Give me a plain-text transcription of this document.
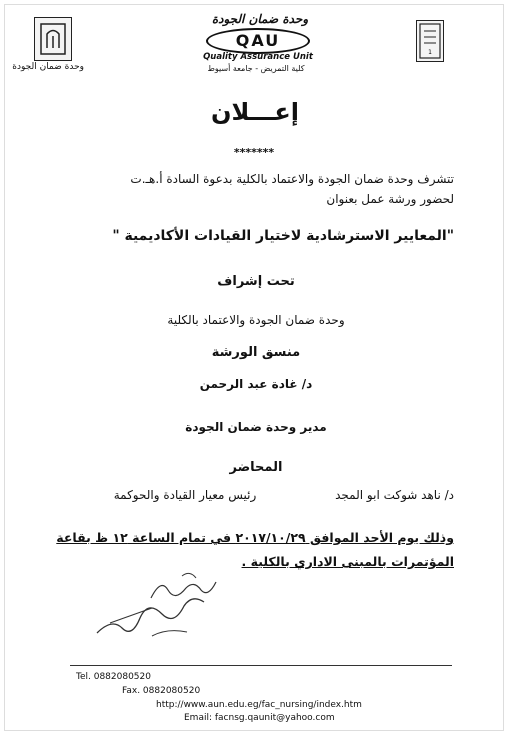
وحدة ضمان الجودة
1
وحدة ضمان الجودة
QAU
Quality Assurance Unit
كلية التمريض - جامعة أسيوط
إعـــلان
*******
تتشرف وحدة ضمان الجودة والاعتماد بالكلية بدعوة السادة أ.هـ.ت
لحضور ورشة عمل بعنوان
"المعايير الاسترشادية لاختيار القيادات الأكاديمية "
تحت إشراف
وحدة ضمان الجودة والاعتماد بالكلية
منسق الورشة
د/ غادة عبد الرحمن
مدير وحدة ضمان الجودة
المحاضر
د/ ناهد شوكت ابو المجد
رئيس معيار القيادة والحوكمة
وذلك يوم الأحد الموافق ٢٠١٧/١٠/٢٩ في تمام الساعة ١٢ ظ بقاعة
المؤتمرات بالمبنى الاداري بالكلية .
Tel. 0882080520
Fax. 0882080520
http://www.aun.edu.eg/fac_nursing/index.htm
Email: facnsg.qaunit@yahoo.com
